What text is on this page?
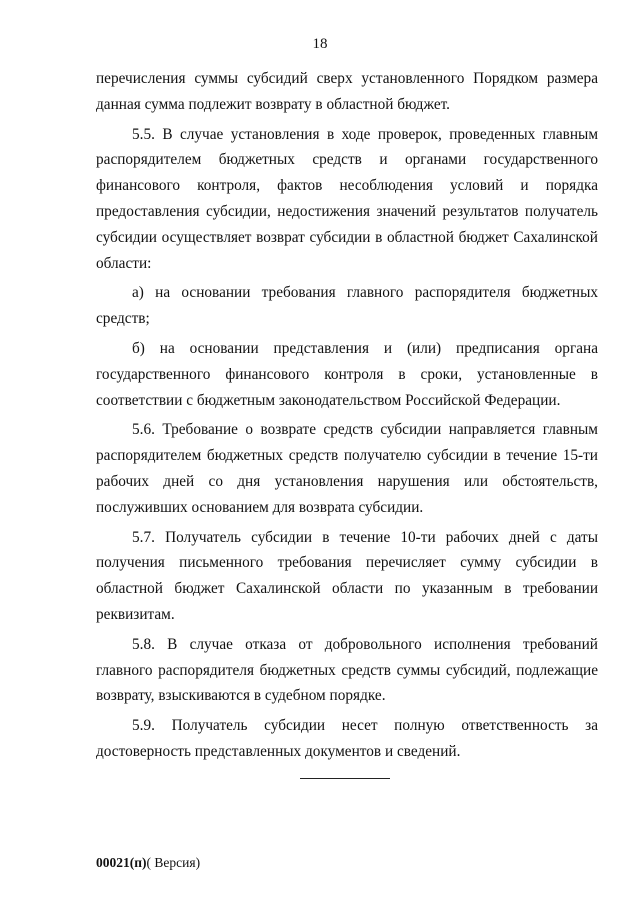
18

перечисления суммы субсидий сверх установленного Порядком размера данная сумма подлежит возврату в областной бюджет.

5.5. В случае установления в ходе проверок, проведенных главным распорядителем бюджетных средств и органами государственного финансового контроля, фактов несоблюдения условий и порядка предоставления субсидии, недостижения значений результатов получатель субсидии осуществляет возврат субсидии в областной бюджет Сахалинской области:

а) на основании требования главного распорядителя бюджетных средств;

б) на основании представления и (или) предписания органа государственного финансового контроля в сроки, установленные в соответствии с бюджетным законодательством Российской Федерации.

5.6. Требование о возврате средств субсидии направляется главным распорядителем бюджетных средств получателю субсидии в течение 15-ти рабочих дней со дня установления нарушения или обстоятельств, послуживших основанием для возврата субсидии.

5.7. Получатель субсидии в течение 10-ти рабочих дней с даты получения письменного требования перечисляет сумму субсидии в областной бюджет Сахалинской области по указанным в требовании реквизитам.

5.8. В случае отказа от добровольного исполнения требований главного распорядителя бюджетных средств суммы субсидий, подлежащие возврату, взыскиваются в судебном порядке.

5.9. Получатель субсидии несет полную ответственность за достоверность представленных документов и сведений.

00021(п)( Версия)
